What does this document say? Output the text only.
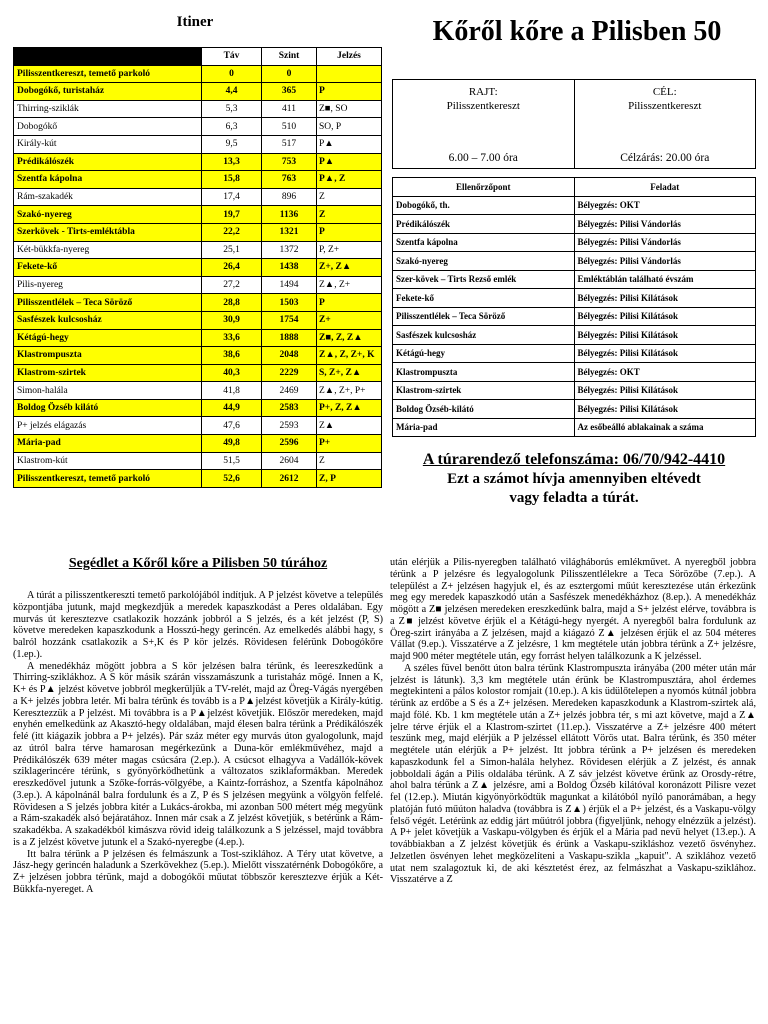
Itiner
	Táv	Szint	Jelzés
Pilisszentkereszt, temető parkoló	0	0	
Dobogókő, turistaház	4,4	365	P
Thirring-sziklák	5,3	411	Z■, SO
Dobogókő	6,3	510	SO, P
Király-kút	9,5	517	P▲
Prédikálószék	13,3	753	P▲
Szentfa kápolna	15,8	763	P▲, Z
Rám-szakadék	17,4	896	Z
Szakó-nyereg	19,7	1136	Z
Szerkövek - Tirts-emléktábla	22,2	1321	P
Két-bükkfa-nyereg	25,1	1372	P, Z+
Fekete-kő	26,4	1438	Z+, Z▲
Pilis-nyereg	27,2	1494	Z▲, Z+
Pilisszentlélek – Teca Söröző	28,8	1503	P
Sasfészek kulcsosház	30,9	1754	Z+
Kétágú-hegy	33,6	1888	Z■, Z, Z▲
Klastrompuszta	38,6	2048	Z▲, Z, Z+, K
Klastrom-szirtek	40,3	2229	S, Z+, Z▲
Simon-halála	41,8	2469	Z▲, Z+, P+
Boldog Özséb kilátó	44,9	2583	P+, Z, Z▲
P+ jelzés elágazás	47,6	2593	Z▲
Mária-pad	49,8	2596	P+
Klastrom-kút	51,5	2604	Z
Pilisszentkereszt, temető parkoló	52,6	2612	Z, P
Kőről kőre a Pilisben 50
RAJT:
Pilisszentkereszt
6.00 – 7.00 óra

CÉL:
Pilisszentkereszt
Célzárás: 20.00 óra
Ellenőrzőpont	Feladat
Dobogókő, th.	Bélyegzés: OKT
Prédikálószék	Bélyegzés: Pilisi Vándorlás
Szentfa kápolna	Bélyegzés: Pilisi Vándorlás
Szakó-nyereg	Bélyegzés: Pilisi Vándorlás
Szer-kövek – Tirts Rezső emlék	Emléktáblán található évszám
Fekete-kő	Bélyegzés: Pilisi Kilátások
Pilisszentlélek – Teca Söröző	Bélyegzés: Pilisi Kilátások
Sasfészek kulcsosház	Bélyegzés: Pilisi Kilátások
Kétágú-hegy	Bélyegzés: Pilisi Kilátások
Klastrompuszta	Bélyegzés: OKT
Klastrom-szirtek	Bélyegzés: Pilisi Kilátások
Boldog Özséb-kilátó	Bélyegzés: Pilisi Kilátások
Mária-pad	Az esőbeálló ablakainak a száma
A túrarendező telefonszáma: 06/70/942-4410
Ezt a számot hívja amennyiben eltévedt
vagy feladta a túrát.
Segédlet a Kőről kőre a Pilisben 50 túrához

A túrát a pilisszentkereszti temető parkolójából indítjuk. A P jelzést követve a település központjába jutunk, majd megkezdjük a meredek kapaszkodást a Peres oldalában. Egy murvás út keresztezve csatlakozik hozzánk jobbról a S jelzés, és a két jelzést (P, S) követve meredeken kapaszkodunk a Hosszú-hegy gerincén. Az emelkedés alábbi hagy, s balról hozzánk csatlakozik a S+,K és P kör jelzés. Rövidesen felérünk Dobogókőre (1.ep.).

A menedékház mögött jobbra a S kör jelzésen balra térünk, és leereszkedünk a Thirring-sziklákhoz. A S kör másik szárán visszamászunk a turistaház mögé. Innen a K, K+ és P▲ jelzést követve jobbról megkerüljük a TV-relét, majd az Öreg-Vágás nyergében a K+ jelzés jobbra letér. Mi balra térünk és tovább is a P▲jelzést követjük a Király-kútig. Keresztezzük a P jelzést. Mi továbbra is a P▲jelzést követjük. Először meredeken, majd enyhén emelkedünk az Akasztó-hegy oldalában, majd élesen balra térünk a Prédikálószék felé (itt kiágazik jobbra a P+ jelzés). Pár száz méter egy murvás úton gyalogolunk, majd az útról balra térve hamarosan megérkezünk a Duna-kör emlékművéhez, majd a Prédikálószék 639 méter magas csúcsára (2.ep.). A csúcsot elhagyva a Vadállók-kövek sziklagerincére térünk, s gyönyörködhetünk a változatos sziklaformákban. Meredek ereszkedővel jutunk a Szőke-forrás-völgyébe, a Kaintz-forráshoz, a Szentfa kápolnához (3.ep.). A kápolnánál balra fordulunk és a Z, P és S jelzésen megyünk a völgyön felfelé. Rövidesen a S jelzés jobbra kitér a Lukács-árokba, mi azonban 500 métert még megyünk a Rám-szakadék alsó bejáratához. Innen már csak a Z jelzést követjük, s betérünk a Rám-szakadékba. A szakadékból kimászva rövid ideig találkozunk a S jelzéssel, majd továbbra is a Z jelzést követve jutunk el a Szakó-nyeregbe (4.ep.).

Itt balra térünk a P jelzésen és felmászunk a Tost-sziklához. A Téry utat követve, a Jász-hegy gerincén haladunk a Szerkövekhez (5.ep.). Mielőtt visszatérnénk Dobogókőre, a Z+ jelzésen jobbra térünk, majd a dobogókői műutat többször keresztezve érjük a Két-Bükkfa-nyereget. A

után elérjük a Pilis-nyeregben található világháborús emlékművet. A nyeregből jobbra térünk a P jelzésre és legyalogolunk Pilisszentlélekre a Teca Sörözőbe (7.ep.). A települést a Z+ jelzésen hagyjuk el, és az esztergomi műút keresztezése után érkezünk meg egy meredek kapaszkodó után a Sasfészek menedékházhoz (8.ep.). A menedékház mögött a Z■ jelzésen meredeken ereszkedünk balra, majd a S+ jelzést elérve, továbbra is a Z■ jelzést követve érjük el a Kétágú-hegy nyergét. A nyeregből balra fordulunk az Öreg-szirt irányába a Z jelzésen, majd a kiágazó Z▲ jelzésen érjük el az 504 méteres Vállat (9.ep.). Visszatérve a Z jelzésre, 1 km megtétele után jobbra térünk a Z+ jelzésre, majd 900 méter megtétele után, egy forrást helyen találkozunk a K jelzéssel.

A széles füvel benőtt úton balra térünk Klastrompuszta irányába (200 méter után már jelzést is látunk). 3,3 km megtétele után érünk be Klastrompusztára, ahol érdemes megtekinteni a pálos kolostor romjait (10.ep.). A kis üdülőtelepen a nyomós kútnál jobbra térünk az erdőbe a S és a Z+ jelzésen. Meredeken kapaszkodunk a Klastrom-szirtek alá, majd fölé. Kb. 1 km megtétele után a Z+ jelzés jobbra tér, s mi azt követve, majd a Z▲ jelre térve érjük el a Klastrom-szirtet (11.ep.). Visszatérve a Z+ jelzésre 400 métert teszünk meg, majd elérjük a P jelzéssel ellátott Vörös utat. Balra térünk, és 350 méter megtétele után elérjük a P+ jelzést. Itt jobbra térünk a P+ jelzésen és meredeken kapaszkodunk fel a Simon-halála helyhez. Rövidesen elérjük a Z jelzést, és annak jobboldali ágán a Pilis oldalába térünk. A Z sáv jelzést követve érünk az Orosdy-rétre, ahol balra térünk a Z▲ jelzésre, ami a Boldog Özséb kilátóval koronázott Pilisre vezet fel (12.ep.). Miután kigyönyörködtük magunkat a kilátóból nyíló panorámában, a hegy platóján futó műúton haladva (továbbra is Z▲) érjük el a P+ jelzést, és a Vaskapu-völgy felső végét. Letérünk az eddig járt műútról jobbra (figyeljünk, nehogy elnézzük a jelzést). A P+ jelet követjük a Vaskapu-völgyben és érjük el a Mária pad nevű helyet (13.ep.). A továbbiakban a Z jelzést követjük és érünk a Vaskapu-szikláshoz vezető ösvényhez. Jelzetlen ösvényen lehet megközelíteni a Vaskapu-szikla „kapuit". A sziklához vezető utat nem szalagoztuk ki, de aki késztetést érez, az felmászhat a Vaskapu-sziklához. Visszatérve a Z
